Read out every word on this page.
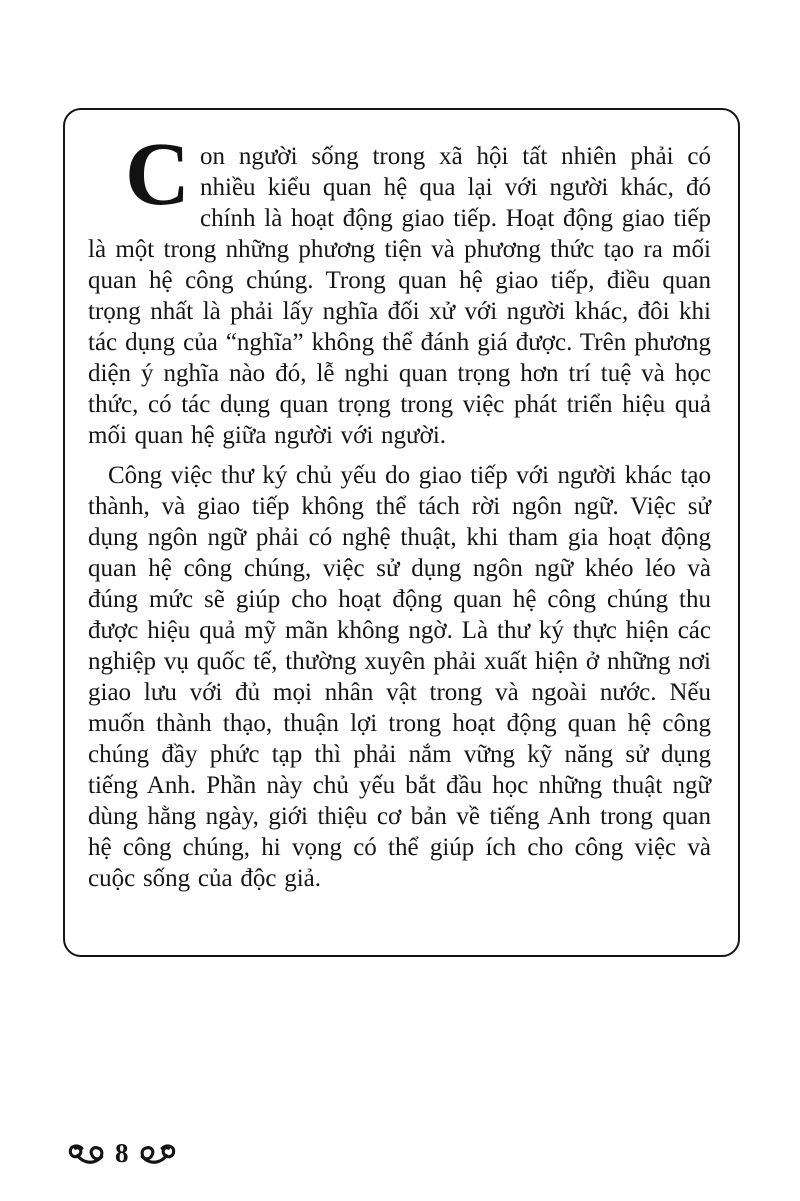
Con người sống trong xã hội tất nhiên phải có nhiều kiểu quan hệ qua lại với người khác, đó chính là hoạt động giao tiếp. Hoạt động giao tiếp là một trong những phương tiện và phương thức tạo ra mối quan hệ công chúng. Trong quan hệ giao tiếp, điều quan trọng nhất là phải lấy nghĩa đối xử với người khác, đôi khi tác dụng của “nghĩa” không thể đánh giá được. Trên phương diện ý nghĩa nào đó, lễ nghi quan trọng hơn trí tuệ và học thức, có tác dụng quan trọng trong việc phát triển hiệu quả mối quan hệ giữa người với người.

Công việc thư ký chủ yếu do giao tiếp với người khác tạo thành, và giao tiếp không thể tách rời ngôn ngữ. Việc sử dụng ngôn ngữ phải có nghệ thuật, khi tham gia hoạt động quan hệ công chúng, việc sử dụng ngôn ngữ khéo léo và đúng mức sẽ giúp cho hoạt động quan hệ công chúng thu được hiệu quả mỹ mãn không ngờ. Là thư ký thực hiện các nghiệp vụ quốc tế, thường xuyên phải xuất hiện ở những nơi giao lưu với đủ mọi nhân vật trong và ngoài nước. Nếu muốn thành thạo, thuận lợi trong hoạt động quan hệ công chúng đầy phức tạp thì phải nắm vững kỹ năng sử dụng tiếng Anh. Phần này chủ yếu bắt đầu học những thuật ngữ dùng hằng ngày, giới thiệu cơ bản về tiếng Anh trong quan hệ công chúng, hi vọng có thể giúp ích cho công việc và cuộc sống của độc giả.

8
